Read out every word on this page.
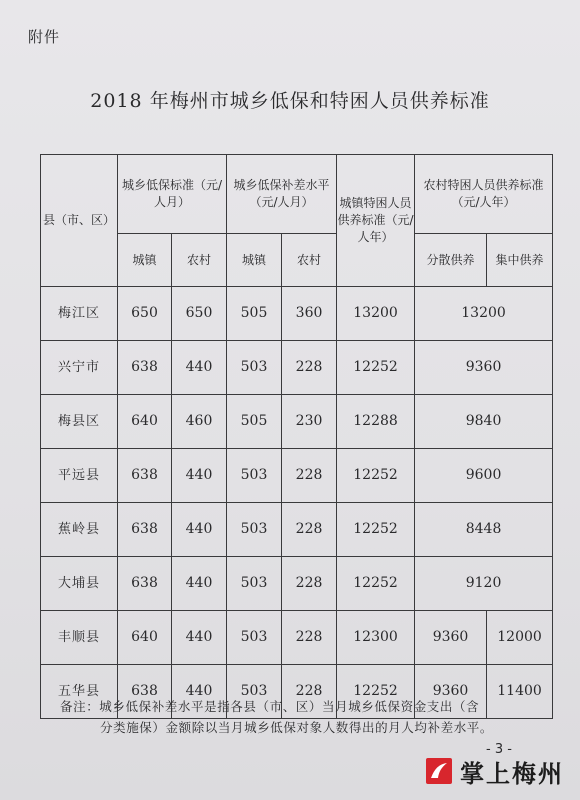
附件
2018 年梅州市城乡低保和特困人员供养标准
县（市、区）	城乡低保标准（元/人月）		城乡低保补差水平（元/人月）		城镇特困人员供养标准（元/人年）	农村特困人员供养标准（元/人年）	
	城镇	农村	城镇	农村		分散供养	集中供养
梅江区	650	650	505	360	13200	13200	
兴宁市	638	440	503	228	12252	9360	
梅县区	640	460	505	230	12288	9840	
平远县	638	440	503	228	12252	9600	
蕉岭县	638	440	503	228	12252	8448	
大埔县	638	440	503	228	12252	9120	
丰顺县	640	440	503	228	12300	9360	12000
五华县	638	440	503	228	12252	9360	11400
备注：城乡低保补差水平是指各县（市、区）当月城乡低保资金支出（含
分类施保）金额除以当月城乡低保对象人数得出的月人均补差水平。
- 3 -
掌上梅州
